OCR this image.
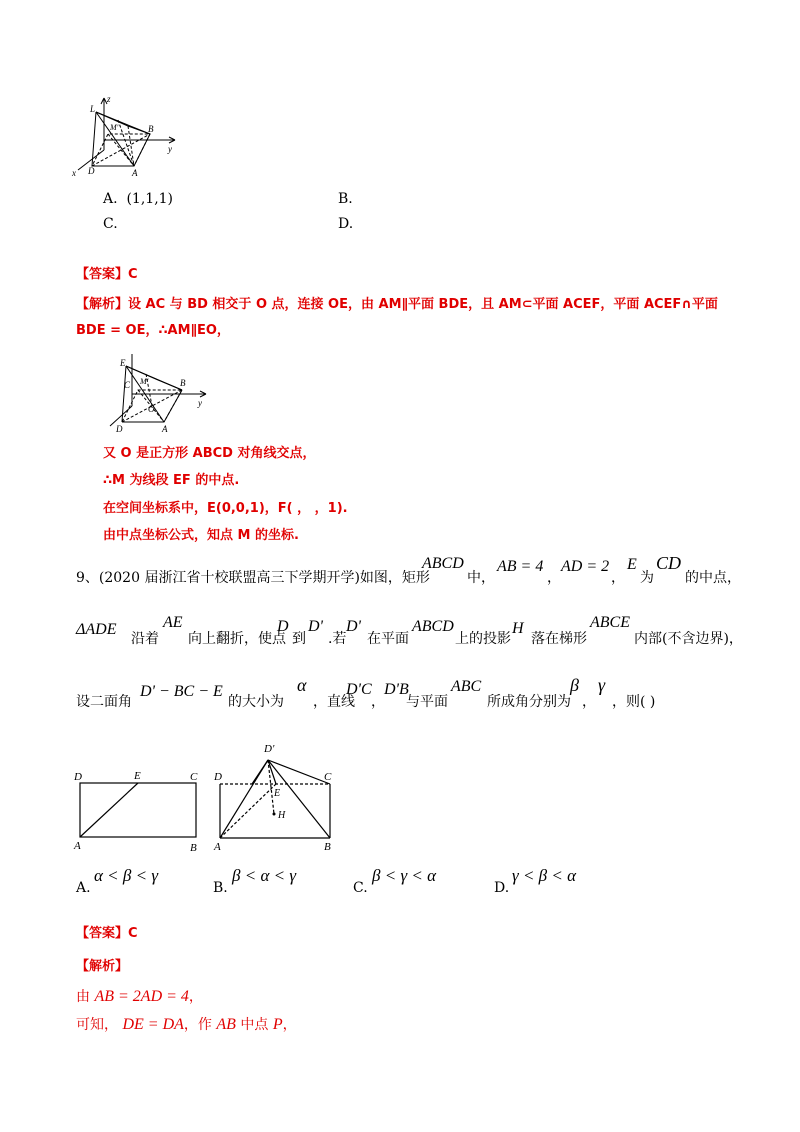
z
y
x
L
M'	B
A
D
A. (1,1,1)	B.
C.	D.
【答案】C
【解析】设 AC 与 BD 相交于 O 点，连接 OE，由 AM∥平面 BDE，且 AM⊂平面 ACEF，平面 ACEF∩平面
BDE = OE，∴AM∥EO，
E
M'
C	B
O
A
D
y
又 O 是正方形 ABCD 对角线交点，
∴M 为线段 EF 的中点.
在空间坐标系中，E(0,0,1)，F( ， ，1).
由中点坐标公式，知点 M 的坐标.
9、(2020 届浙江省十校联盟高三下学期开学)如图，矩形
ABCD
中，
AB = 4
，
AD = 2
，
E
为
CD
的中点，
ΔADE
沿着
AE
向上翻折，使点
D
到
D'
.若
D'
在平面
ABCD
上的投影
H
落在梯形
ABCE
内部(不含边界)，
设二面角
D' − BC − E
的大小为
α
，直线
D'C
，
D'B
与平面
ABC
所成角分别为
β
，
γ
，则( )
D	E	C
A	B
D'
D	C
E
H
A	B
A.
α < β < γ
B.
β < α < γ
C.
β < γ < α
D.
γ < β < α
【答案】C
【解析】
由 AB = 2AD = 4，
可知， DE = DA，作 AB 中点 P，
